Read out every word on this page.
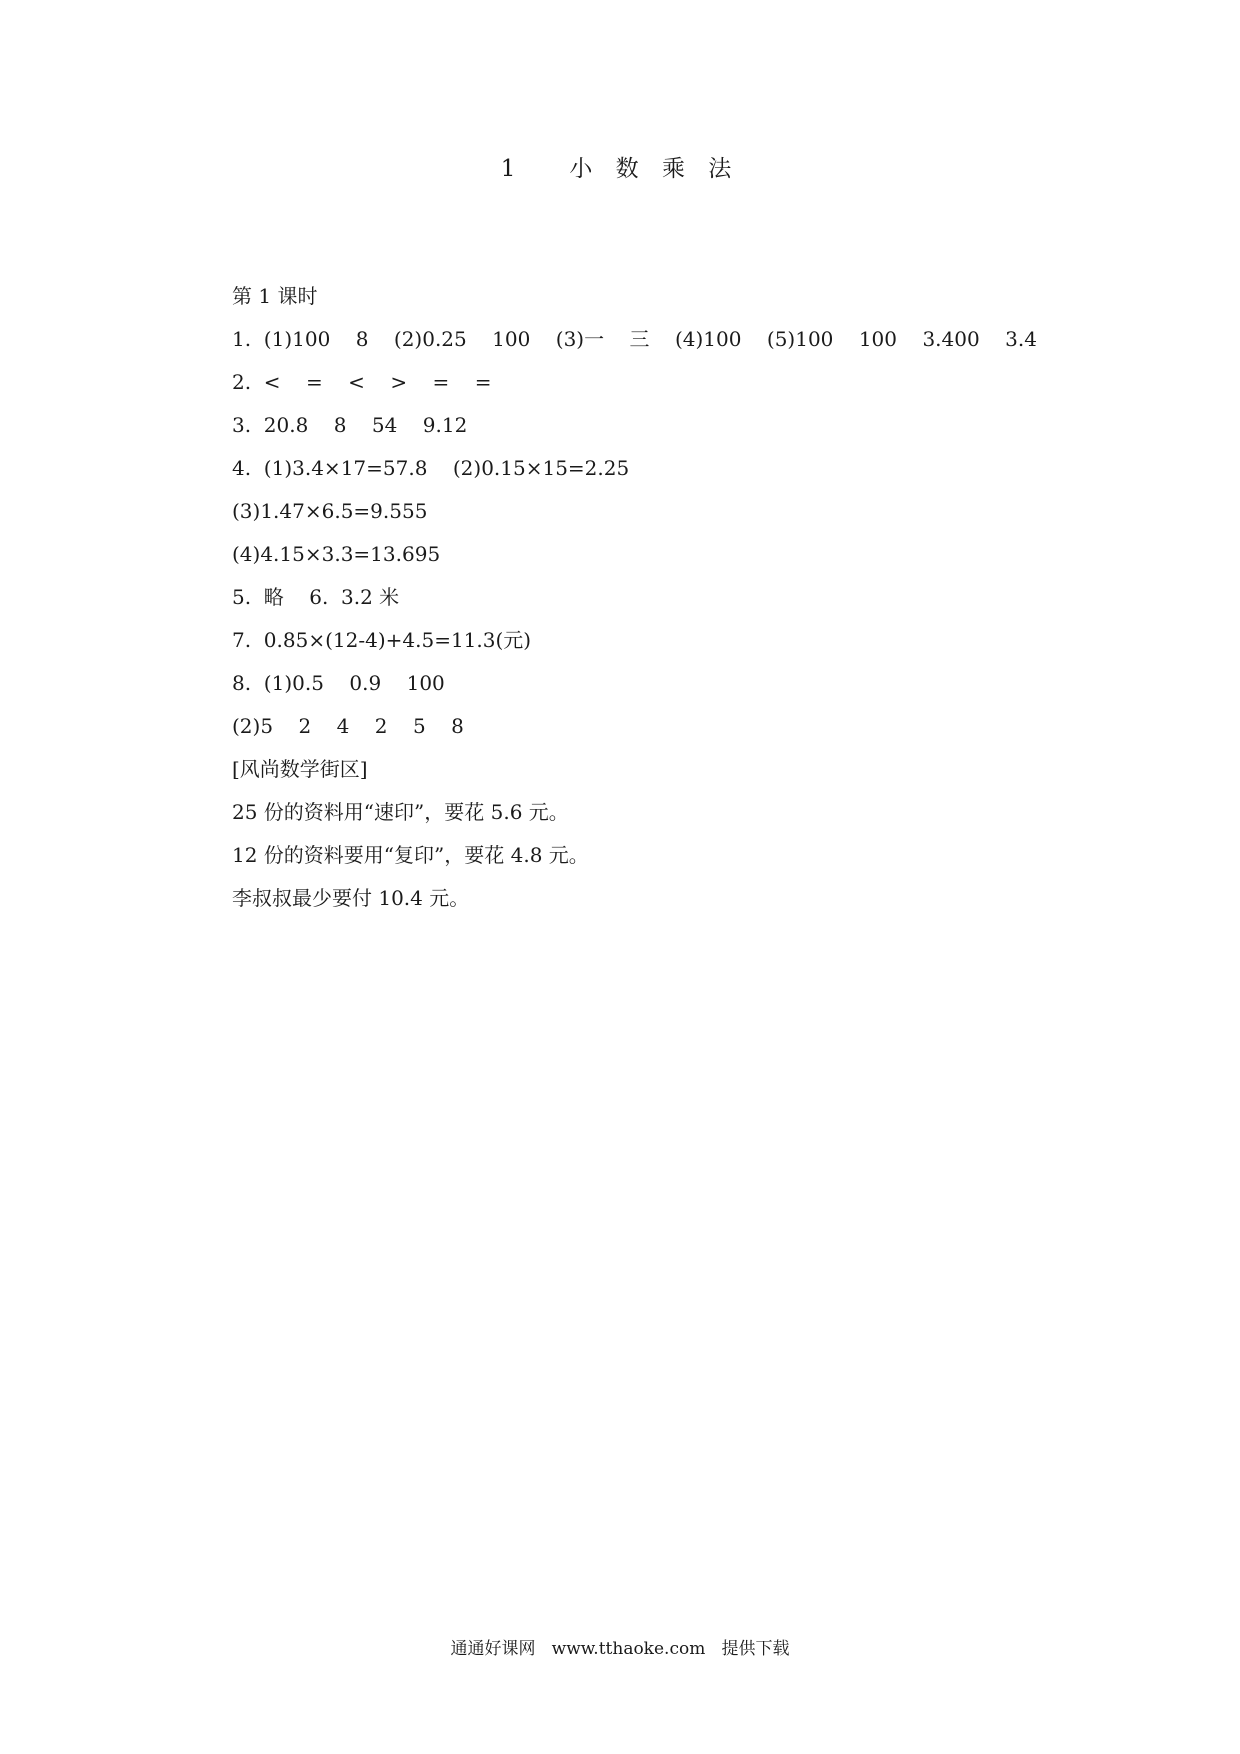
1   小 数 乘 法
第 1 课时
1.  (1)100    8    (2)0.25    100    (3)一    三    (4)100    (5)100    100    3.400    3.4
2.  <    =    <    >    =    =
3.  20.8    8    54    9.12
4.  (1)3.4×17=57.8    (2)0.15×15=2.25
(3)1.47×6.5=9.555
(4)4.15×3.3=13.695
5.  略    6.  3.2 米
7.  0.85×(12-4)+4.5=11.3(元)
8.  (1)0.5    0.9    100
(2)5    2    4    2    5    8
[风尚数学街区]
25 份的资料用“速印”，要花 5.6 元。
12 份的资料要用“复印”，要花 4.8 元。
李叔叔最少要付 10.4 元。
通通好课网   www.tthaoke.com   提供下载
